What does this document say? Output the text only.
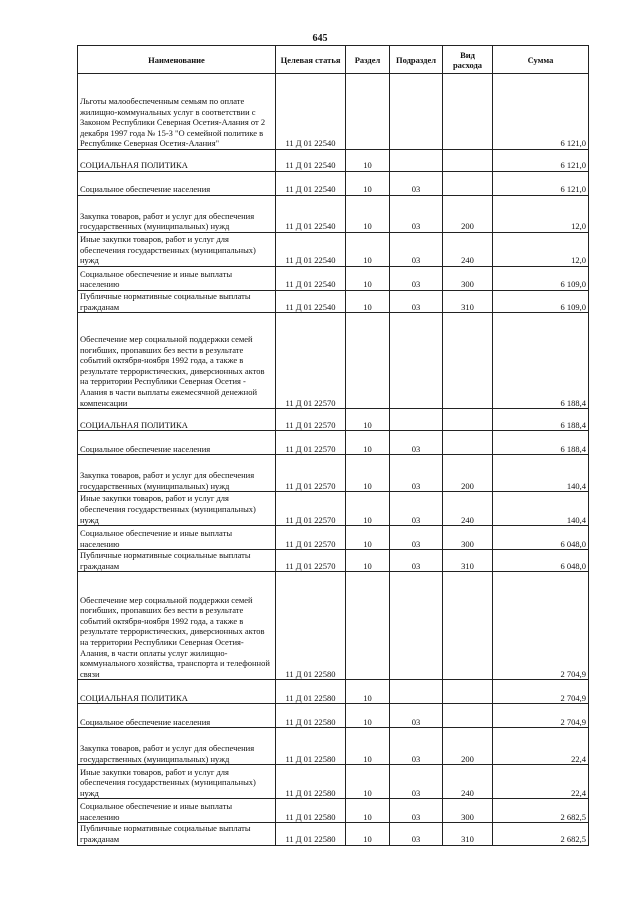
645
Наименование	Целевая статья	Раздел	Подраздел	Вид расхода	Сумма
Льготы малообеспеченным семьям по оплате жилищно-коммунальных услуг в соответствии с Законом Республики Северная Осетия-Алания от 2 декабря 1997 года № 15-З "О семейной политике в Республике Северная Осетия-Алания"	11 Д 01 22540				6 121,0
СОЦИАЛЬНАЯ ПОЛИТИКА	11 Д 01 22540	10			6 121,0
Социальное обеспечение населения	11 Д 01 22540	10	03		6 121,0
Закупка товаров, работ и услуг для обеспечения государственных (муниципальных) нужд	11 Д 01 22540	10	03	200	12,0
Иные закупки товаров, работ и услуг для обеспечения государственных (муниципальных) нужд	11 Д 01 22540	10	03	240	12,0
Социальное обеспечение и иные выплаты населению	11 Д 01 22540	10	03	300	6 109,0
Публичные нормативные социальные выплаты гражданам	11 Д 01 22540	10	03	310	6 109,0
Обеспечение мер социальной поддержки семей погибших, пропавших без вести в результате событий октября-ноября 1992 года, а также в результате террористических, диверсионных актов на территории Республики Северная Осетия - Алания в части выплаты ежемесячной денежной компенсации	11 Д 01 22570				6 188,4
СОЦИАЛЬНАЯ ПОЛИТИКА	11 Д 01 22570	10			6 188,4
Социальное обеспечение населения	11 Д 01 22570	10	03		6 188,4
Закупка товаров, работ и услуг для обеспечения государственных (муниципальных) нужд	11 Д 01 22570	10	03	200	140,4
Иные закупки товаров, работ и услуг для обеспечения государственных (муниципальных) нужд	11 Д 01 22570	10	03	240	140,4
Социальное обеспечение и иные выплаты населению	11 Д 01 22570	10	03	300	6 048,0
Публичные нормативные социальные выплаты гражданам	11 Д 01 22570	10	03	310	6 048,0
Обеспечение мер социальной поддержки семей погибших, пропавших без вести в результате событий октября-ноября 1992 года, а также в результате террористических, диверсионных актов на территории Республики Северная Осетия-Алания, в части оплаты услуг жилищно-коммунального хозяйства, транспорта и телефонной связи	11 Д 01 22580				2 704,9
СОЦИАЛЬНАЯ ПОЛИТИКА	11 Д 01 22580	10			2 704,9
Социальное обеспечение населения	11 Д 01 22580	10	03		2 704,9
Закупка товаров, работ и услуг для обеспечения государственных (муниципальных) нужд	11 Д 01 22580	10	03	200	22,4
Иные закупки товаров, работ и услуг для обеспечения государственных (муниципальных) нужд	11 Д 01 22580	10	03	240	22,4
Социальное обеспечение и иные выплаты населению	11 Д 01 22580	10	03	300	2 682,5
Публичные нормативные социальные выплаты гражданам	11 Д 01 22580	10	03	310	2 682,5
